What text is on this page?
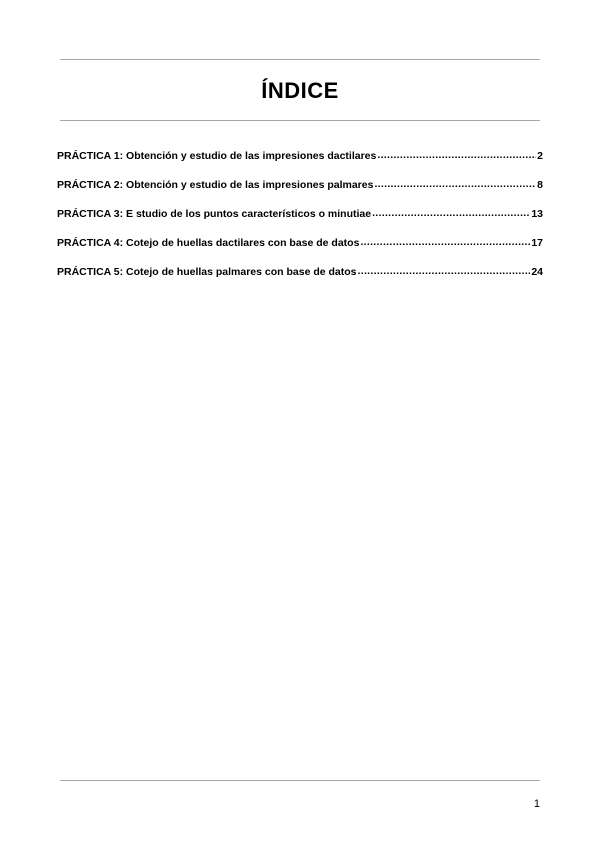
ÍNDICE
PRÁCTICA 1: Obtención y estudio de las impresiones dactilares .....	2
PRÁCTICA 2: Obtención y estudio de las impresiones palmares .....	8
PRÁCTICA 3: E studio de los puntos característicos o minutiae .....	13
PRÁCTICA 4: Cotejo de huellas dactilares con base de datos .....	17
PRÁCTICA 5: Cotejo de huellas palmares con base de datos .....	24
1
